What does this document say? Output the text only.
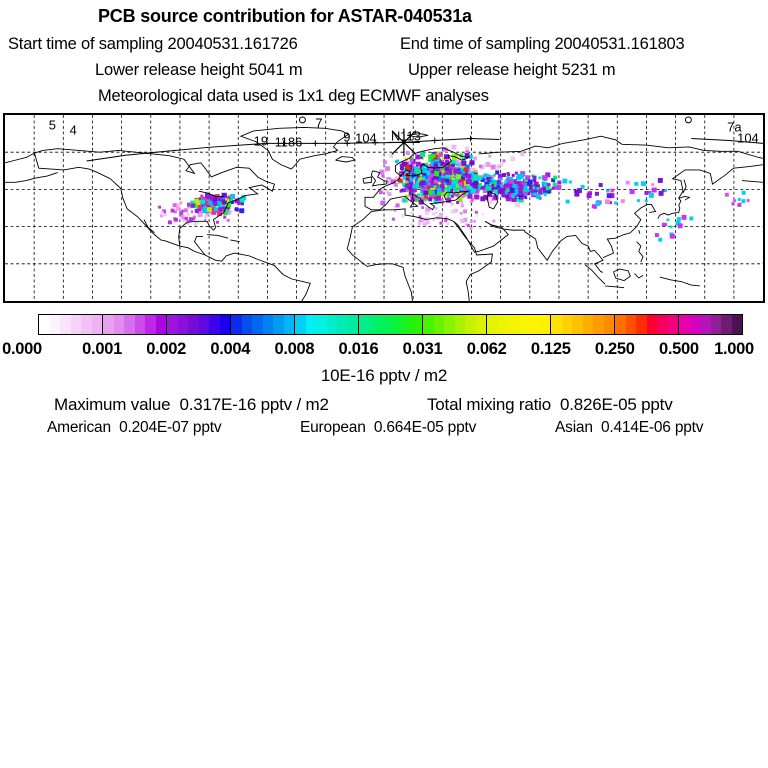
PCB source contribution for ASTAR-040531a
Start time of sampling 20040531.161726	End time of sampling 20040531.161803
Lower release height 5041 m	Upper release height 5231 m
Meteorological data used is 1x1 deg ECMWF analyses
5 4
19 1186
7
9 104 N113
7a
104
0.000 0.001 0.002 0.004 0.008 0.016 0.031 0.062 0.125 0.250 0.500 1.000
10E-16 pptv / m2
Maximum value  0.317E-16 pptv / m2	Total mixing ratio  0.826E-05 pptv
American  0.204E-07 pptv	European  0.664E-05 pptv	Asian  0.414E-06 pptv
